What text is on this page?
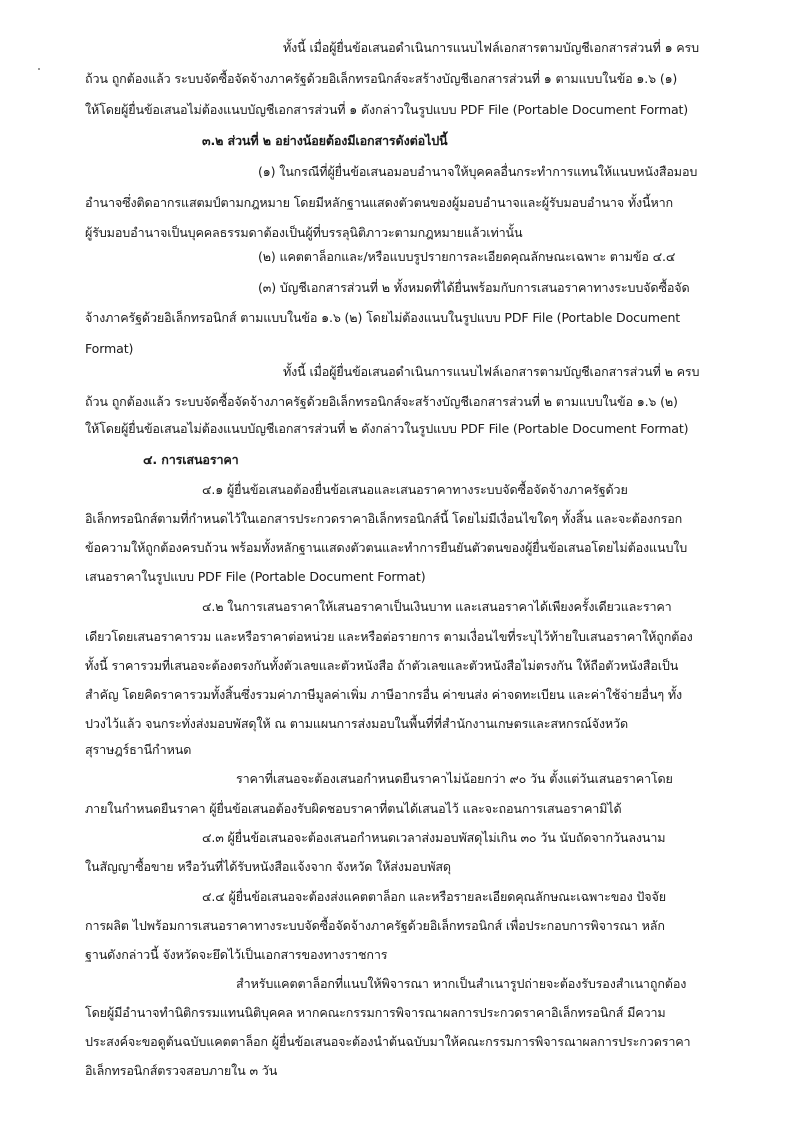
ทั้งนี้ เมื่อผู้ยื่นข้อเสนอดำเนินการแนบไฟล์เอกสารตามบัญชีเอกสารส่วนที่ ๑ ครบ
ถ้วน ถูกต้องแล้ว ระบบจัดซื้อจัดจ้างภาครัฐด้วยอิเล็กทรอนิกส์จะสร้างบัญชีเอกสารส่วนที่ ๑ ตามแบบในข้อ ๑.๖ (๑)
ให้โดยผู้ยื่นข้อเสนอไม่ต้องแนบบัญชีเอกสารส่วนที่ ๑ ดังกล่าวในรูปแบบ PDF File (Portable Document Format)
๓.๒ ส่วนที่ ๒ อย่างน้อยต้องมีเอกสารดังต่อไปนี้
(๑) ในกรณีที่ผู้ยื่นข้อเสนอมอบอำนาจให้บุคคลอื่นกระทำการแทนให้แนบหนังสือมอบ
อำนาจซึ่งติดอากรแสตมป์ตามกฎหมาย โดยมีหลักฐานแสดงตัวตนของผู้มอบอำนาจและผู้รับมอบอำนาจ ทั้งนี้หาก
ผู้รับมอบอำนาจเป็นบุคคลธรรมดาต้องเป็นผู้ที่บรรลุนิติภาวะตามกฎหมายแล้วเท่านั้น
(๒) แคตตาล็อกและ/หรือแบบรูปรายการละเอียดคุณลักษณะเฉพาะ ตามข้อ ๔.๔
(๓) บัญชีเอกสารส่วนที่ ๒ ทั้งหมดที่ได้ยื่นพร้อมกับการเสนอราคาทางระบบจัดซื้อจัด
จ้างภาครัฐด้วยอิเล็กทรอนิกส์ ตามแบบในข้อ ๑.๖ (๒) โดยไม่ต้องแนบในรูปแบบ PDF File (Portable Document
Format)
ทั้งนี้ เมื่อผู้ยื่นข้อเสนอดำเนินการแนบไฟล์เอกสารตามบัญชีเอกสารส่วนที่ ๒ ครบ
ถ้วน ถูกต้องแล้ว ระบบจัดซื้อจัดจ้างภาครัฐด้วยอิเล็กทรอนิกส์จะสร้างบัญชีเอกสารส่วนที่ ๒ ตามแบบในข้อ ๑.๖ (๒)
ให้โดยผู้ยื่นข้อเสนอไม่ต้องแนบบัญชีเอกสารส่วนที่ ๒ ดังกล่าวในรูปแบบ PDF File (Portable Document Format)
๔. การเสนอราคา
๔.๑ ผู้ยื่นข้อเสนอต้องยื่นข้อเสนอและเสนอราคาทางระบบจัดซื้อจัดจ้างภาครัฐด้วย
อิเล็กทรอนิกส์ตามที่กำหนดไว้ในเอกสารประกวดราคาอิเล็กทรอนิกส์นี้ โดยไม่มีเงื่อนไขใดๆ ทั้งสิ้น และจะต้องกรอก
ข้อความให้ถูกต้องครบถ้วน พร้อมทั้งหลักฐานแสดงตัวตนและทำการยืนยันตัวตนของผู้ยื่นข้อเสนอโดยไม่ต้องแนบใบ
เสนอราคาในรูปแบบ PDF File (Portable Document Format)
๔.๒ ในการเสนอราคาให้เสนอราคาเป็นเงินบาท และเสนอราคาได้เพียงครั้งเดียวและราคา
เดียวโดยเสนอราคารวม และหรือราคาต่อหน่วย และหรือต่อรายการ ตามเงื่อนไขที่ระบุไว้ท้ายใบเสนอราคาให้ถูกต้อง
ทั้งนี้ ราคารวมที่เสนอจะต้องตรงกันทั้งตัวเลขและตัวหนังสือ ถ้าตัวเลขและตัวหนังสือไม่ตรงกัน ให้ถือตัวหนังสือเป็น
สำคัญ โดยคิดราคารวมทั้งสิ้นซึ่งรวมค่าภาษีมูลค่าเพิ่ม ภาษีอากรอื่น ค่าขนส่ง ค่าจดทะเบียน และค่าใช้จ่ายอื่นๆ ทั้ง
ปวงไว้แล้ว จนกระทั่งส่งมอบพัสดุให้ ณ ตามแผนการส่งมอบในพื้นที่ที่สำนักงานเกษตรและสหกรณ์จังหวัด
สุราษฎร์ธานีกำหนด
ราคาที่เสนอจะต้องเสนอกำหนดยืนราคาไม่น้อยกว่า ๙๐ วัน ตั้งแต่วันเสนอราคาโดย
ภายในกำหนดยืนราคา ผู้ยื่นข้อเสนอต้องรับผิดชอบราคาที่ตนได้เสนอไว้ และจะถอนการเสนอราคามิได้
๔.๓ ผู้ยื่นข้อเสนอจะต้องเสนอกำหนดเวลาส่งมอบพัสดุไม่เกิน ๓๐ วัน นับถัดจากวันลงนาม
ในสัญญาซื้อขาย หรือวันที่ได้รับหนังสือแจ้งจาก จังหวัด ให้ส่งมอบพัสดุ
๔.๔ ผู้ยื่นข้อเสนอจะต้องส่งแคตตาล็อก และหรือรายละเอียดคุณลักษณะเฉพาะของ ปัจจัย
การผลิต ไปพร้อมการเสนอราคาทางระบบจัดซื้อจัดจ้างภาครัฐด้วยอิเล็กทรอนิกส์ เพื่อประกอบการพิจารณา หลัก
ฐานดังกล่าวนี้ จังหวัดจะยึดไว้เป็นเอกสารของทางราชการ
สำหรับแคตตาล็อกที่แนบให้พิจารณา หากเป็นสำเนารูปถ่ายจะต้องรับรองสำเนาถูกต้อง
โดยผู้มีอำนาจทำนิติกรรมแทนนิติบุคคล หากคณะกรรมการพิจารณาผลการประกวดราคาอิเล็กทรอนิกส์ มีความ
ประสงค์จะขอดูต้นฉบับแคตตาล็อก ผู้ยื่นข้อเสนอจะต้องนำต้นฉบับมาให้คณะกรรมการพิจารณาผลการประกวดราคา
อิเล็กทรอนิกส์ตรวจสอบภายใน ๓ วัน
